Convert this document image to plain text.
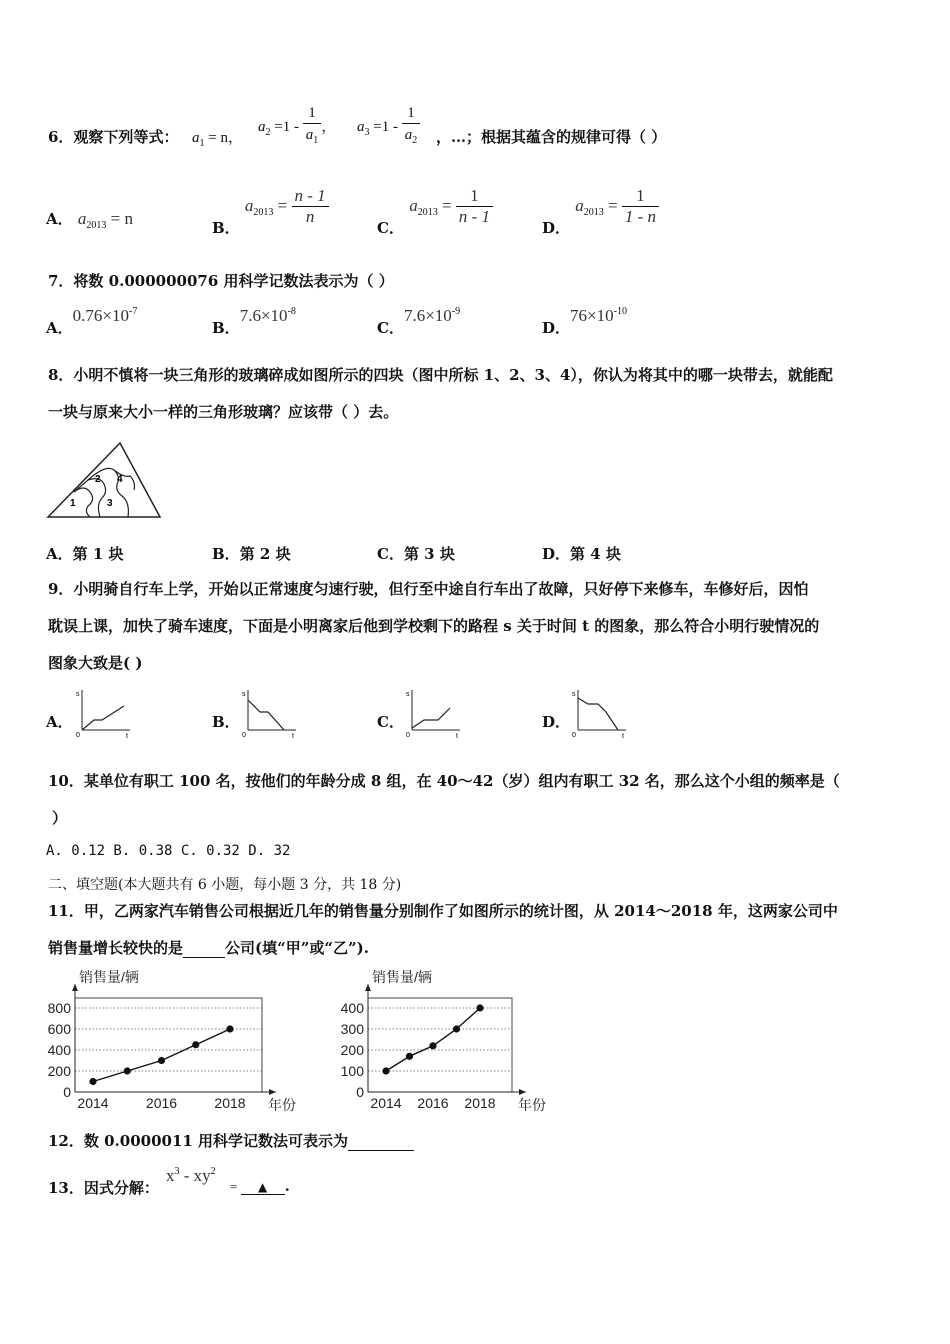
6．观察下列等式： $a_1 = n$，
$a_2 =1 - \frac{1}{a_1}$ ， $a_3 =1 - \frac{1}{a_2}$ ，…；根据其蕴含的规律可得（ ）
A． $a_{2013} = n$	B． $a_{2013} = \frac{n - 1}{n}$
C． $a_{2013} = \frac{1}{n - 1}$
D． $a_{2013} = \frac{1}{1 - n}$
7．将数 0.000000076 用科学记数法表示为（ ）
A．$0.76\times 10^{-7}$
B．$7.6\times 10^{-8}$
C．$7.6\times 10^{-9}$
D．$76\times 10^{-10}$
8．小明不慎将一块三角形的玻璃碎成如图所示的四块（图中所标 1、2、3、4），你认为将其中的哪一块带去，就能配
一块与原来大小一样的三角形玻璃？应该带（ ）去。
1
2
3
4
A．第 1 块	B．第 2 块	C．第 3 块	D．第 4 块
9．小明骑自行车上学，开始以正常速度匀速行驶，但行至中途自行车出了故障，只好停下来修车，车修好后，因怕
耽误上课，加快了骑车速度，下面是小明离家后他到学校剩下的路程 s 关于时间 t 的图象，那么符合小明行驶情况的
图象大致是( )
A．
s
t
0
B．
s
t
0
C．
s
t
0
D．
s
t
0
10．某单位有职工 100 名，按他们的年龄分成 8 组，在 40～42（岁）组内有职工 32 名，那么这个小组的频率是（
）
A. 0.12 B. 0.38 C. 0.32 D. 32
二、填空题(本大题共有 6 小题，每小题 3 分，共 18 分)
11．甲，乙两家汽车销售公司根据近几年的销售量分别制作了如图所示的统计图，从 2014～2018 年，这两家公司中
销售量增长较快的是	公司(填“甲”或“乙”).
0
200
400
600
800
销售量/辆
年份
2014	2016	2018
0
100
200
300
400
销售量/辆
年份
2014 2016 2018
12．数 0.0000011 用科学记数法可表示为
13．因式分解：
$x^3 - xy^2$
= ▲ .
